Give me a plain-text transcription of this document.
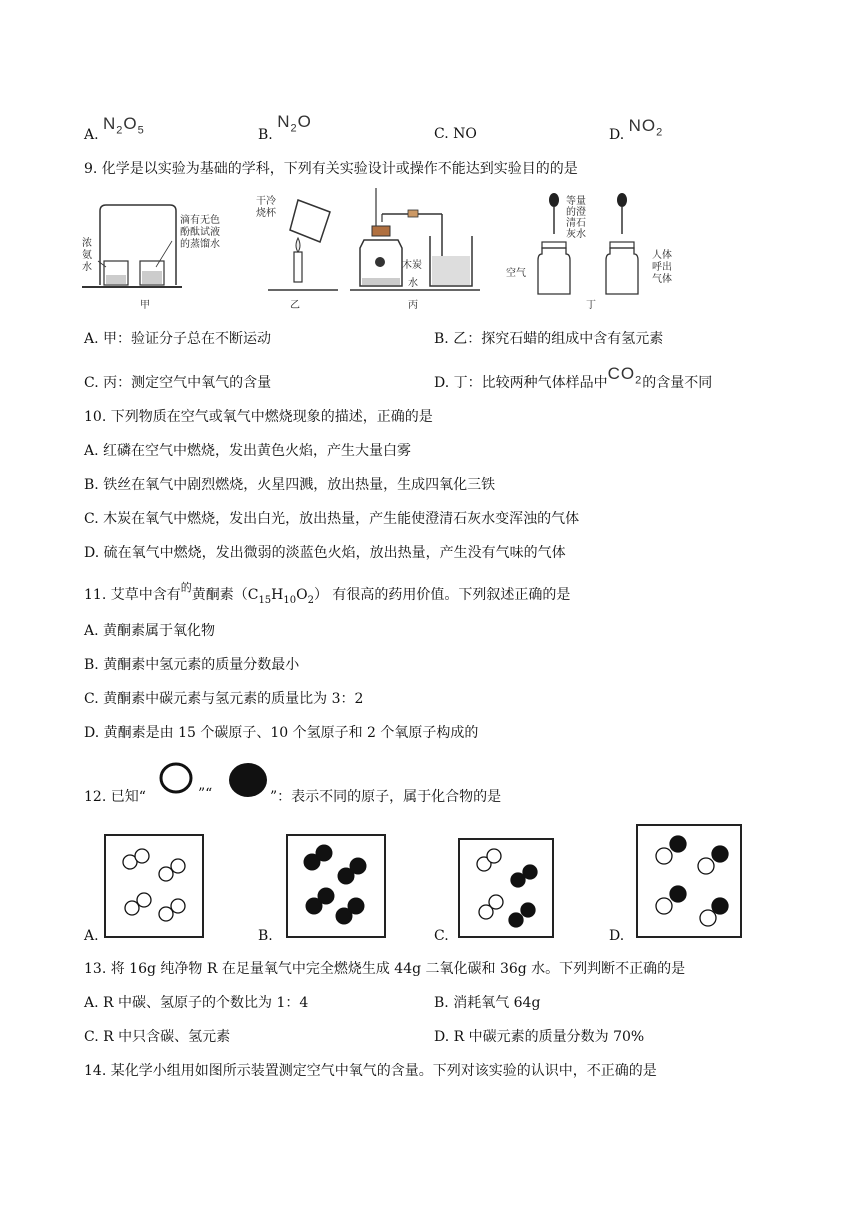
A. $N_2O_5$	B. $N_2O$
C. NO	D. $NO_2$
9. 化学是以实验为基础的学科，下列有关实验设计或操作不能达到实验目的的是
浓
氨
水
滴有无色
酚酞试液
的蒸馏水
甲
干冷
烧杯
乙
木炭
水
丙
等量
的澄
清石
灰水
空气
人体
呼出
气体
丁
A. 甲：验证分子总在不断运动	B. 乙：探究石蜡的组成中含有氢元素
C. 丙：测定空气中氧气的含量	D. 丁：比较两种气体样品中$CO_2$的含量不同
10. 下列物质在空气或氧气中燃烧现象的描述，正确的是
A. 红磷在空气中燃烧，发出黄色火焰，产生大量白雾
B. 铁丝在氧气中剧烈燃烧，火星四溅，放出热量，生成四氧化三铁
C. 木炭在氧气中燃烧，发出白光，放出热量，产生能使澄清石灰水变浑浊的气体
D. 硫在氧气中燃烧，发出微弱的淡蓝色火焰，放出热量，产生没有气味的气体
11. 艾草中含有$^的$黄酮素$(C_{15}H_{10}O_2)$ 有很高的药用价值。下列叙述正确的是
A. 黄酮素属于氧化物
B. 黄酮素中氢元素的质量分数最小
C. 黄酮素中碳元素与氢元素的质量比为 3：2
D. 黄酮素是由 15 个碳原子、10 个氢原子和 2 个氧原子构成的
12. 已知“	”“	”：表示不同的原子，属于化合物的是
A.	B.	C.	D.
13. 将 16g 纯净物 R 在足量氧气中完全燃烧生成 44g 二氧化碳和 36g 水。下列判断不正确的是
A. R 中碳、氢原子的个数比为 1：4	B. 消耗氧气 64g
C. R 中只含碳、氢元素	D. R 中碳元素的质量分数为 70%
14. 某化学小组用如图所示装置测定空气中氧气的含量。下列对该实验的认识中，不正确的是
